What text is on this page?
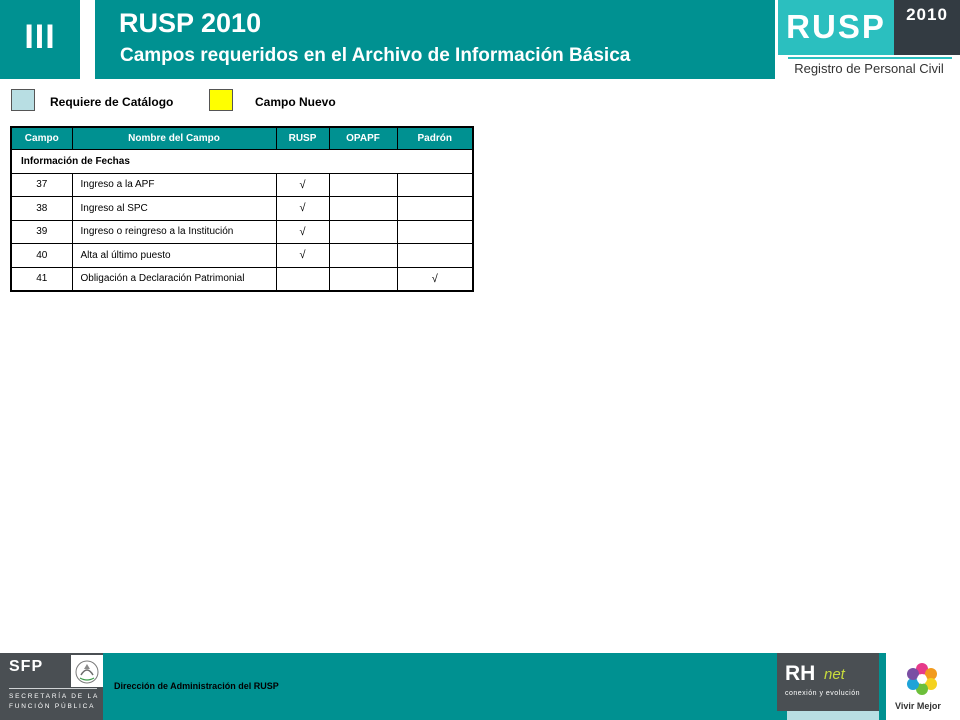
III	RUSP 2010
Campos requeridos en el Archivo de Información Básica
RUSP	2010
Registro de Personal Civil
Requiere de Catálogo	Campo Nuevo
Campo	Nombre del Campo	RUSP	OPAPF	Padrón
Información de Fechas				
37	Ingreso a la APF	√		
38	Ingreso al SPC	√		
39	Ingreso o reingreso a la Institución	√		
40	Alta al último puesto	√		
41	Obligación a Declaración Patrimonial			√
SFP
SECRETARÍA DE LA
FUNCIÓN PÚBLICA
Dirección de Administración del RUSP
RH net
conexión y evolución
Vivir Mejor
